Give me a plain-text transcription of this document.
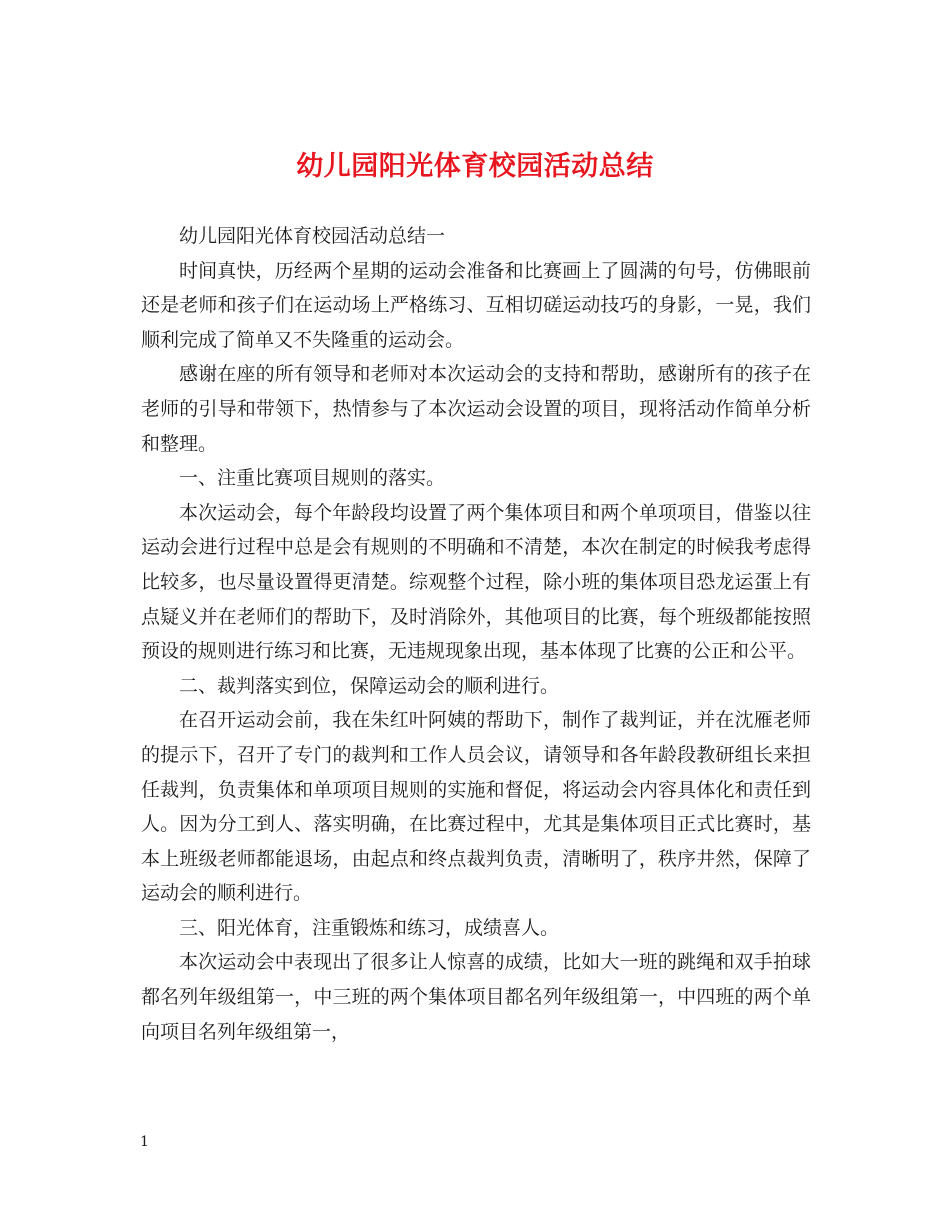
幼儿园阳光体育校园活动总结

幼儿园阳光体育校园活动总结一

时间真快，历经两个星期的运动会准备和比赛画上了圆满的句号，仿佛眼前还是老师和孩子们在运动场上严格练习、互相切磋运动技巧的身影，一晃，我们顺利完成了简单又不失隆重的运动会。

感谢在座的所有领导和老师对本次运动会的支持和帮助，感谢所有的孩子在老师的引导和带领下，热情参与了本次运动会设置的项目，现将活动作简单分析和整理。

一、注重比赛项目规则的落实。

本次运动会，每个年龄段均设置了两个集体项目和两个单项项目，借鉴以往运动会进行过程中总是会有规则的不明确和不清楚，本次在制定的时候我考虑得比较多，也尽量设置得更清楚。综观整个过程，除小班的集体项目恐龙运蛋上有点疑义并在老师们的帮助下，及时消除外，其他项目的比赛，每个班级都能按照预设的规则进行练习和比赛，无违规现象出现，基本体现了比赛的公正和公平。

二、裁判落实到位，保障运动会的顺利进行。

在召开运动会前，我在朱红叶阿姨的帮助下，制作了裁判证，并在沈雁老师的提示下，召开了专门的裁判和工作人员会议，请领导和各年龄段教研组长来担任裁判，负责集体和单项项目规则的实施和督促，将运动会内容具体化和责任到人。因为分工到人、落实明确，在比赛过程中，尤其是集体项目正式比赛时，基本上班级老师都能退场，由起点和终点裁判负责，清晰明了，秩序井然，保障了运动会的顺利进行。

三、阳光体育，注重锻炼和练习，成绩喜人。

本次运动会中表现出了很多让人惊喜的成绩，比如大一班的跳绳和双手拍球都名列年级组第一，中三班的两个集体项目都名列年级组第一，中四班的两个单向项目名列年级组第一，

1
